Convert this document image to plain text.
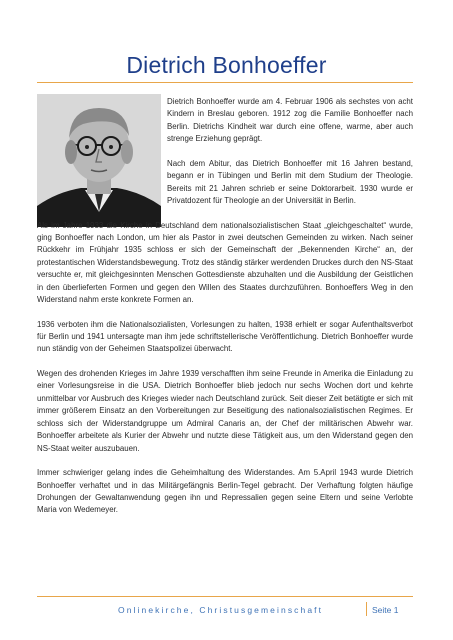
Dietrich Bonhoeffer

Dietrich Bonhoeffer wurde am 4. Februar 1906 als sechstes von acht Kindern in Breslau geboren. 1912 zog die Familie Bonhoeffer nach Berlin. Dietrichs Kindheit war durch eine offene, warme, aber auch strenge Erziehung geprägt.

Nach dem Abitur, das Dietrich Bonhoeffer mit 16 Jahren bestand, begann er in Tübingen und Berlin mit dem Studium der Theologie. Bereits mit 21 Jahren schrieb er seine Doktorarbeit. 1930 wurde er Privatdozent für Theologie an der Universität in Berlin.

Als im Jahre 1933 die Kirche in Deutschland dem nationalsozialistischen Staat „gleichgeschaltet“ wurde, ging Bonhoeffer nach London, um hier als Pastor in zwei deutschen Gemeinden zu wirken. Nach seiner Rückkehr im Frühjahr 1935 schloss er sich der Gemeinschaft der „Bekennenden Kirche“ an, der protestantischen Widerstandsbewegung. Trotz des ständig stärker werdenden Druckes durch den NS-Staat versuchte er, mit gleichgesinnten Menschen Gottesdienste abzuhalten und die Ausbildung der Geistlichen in den überlieferten Formen und gegen den Willen des Staates durchzuführen. Bonhoeffers Weg in den Widerstand nahm erste konkrete Formen an.

1936 verboten ihm die Nationalsozialisten, Vorlesungen zu halten, 1938 erhielt er sogar Aufenthaltsverbot für Berlin und 1941 untersagte man ihm jede schriftstellerische Veröffentlichung. Dietrich Bonhoeffer wurde nun ständig von der Geheimen Staatspolizei überwacht.

Wegen des drohenden Krieges im Jahre 1939 verschafften ihm seine Freunde in Amerika die Einladung zu einer Vorlesungsreise in die USA. Dietrich Bonhoeffer blieb jedoch nur sechs Wochen dort und kehrte unmittelbar vor Ausbruch des Krieges wieder nach Deutschland zurück. Seit dieser Zeit betätigte er sich mit immer größerem Einsatz an den Vorbereitungen zur Beseitigung des nationalsozialistischen Regimes. Er schloss sich der Widerstandgruppe um Admiral Canaris an, der Chef der militärischen Abwehr war. Bonhoeffer arbeitete als Kurier der Abwehr und nutzte diese Tätigkeit aus, um den Widerstand gegen den NS-Staat weiter auszubauen.

Immer schwieriger gelang indes die Geheimhaltung des Widerstandes. Am 5.April 1943 wurde Dietrich Bonhoeffer verhaftet und in das Militärgefängnis Berlin-Tegel gebracht. Der Verhaftung folgten häufige Drohungen der Gewaltanwendung gegen ihn und Repressalien gegen seine Eltern und seine Verlobte Maria von Wedemeyer.

Onlinekirche, Christusgemeinschaft	Seite 1
